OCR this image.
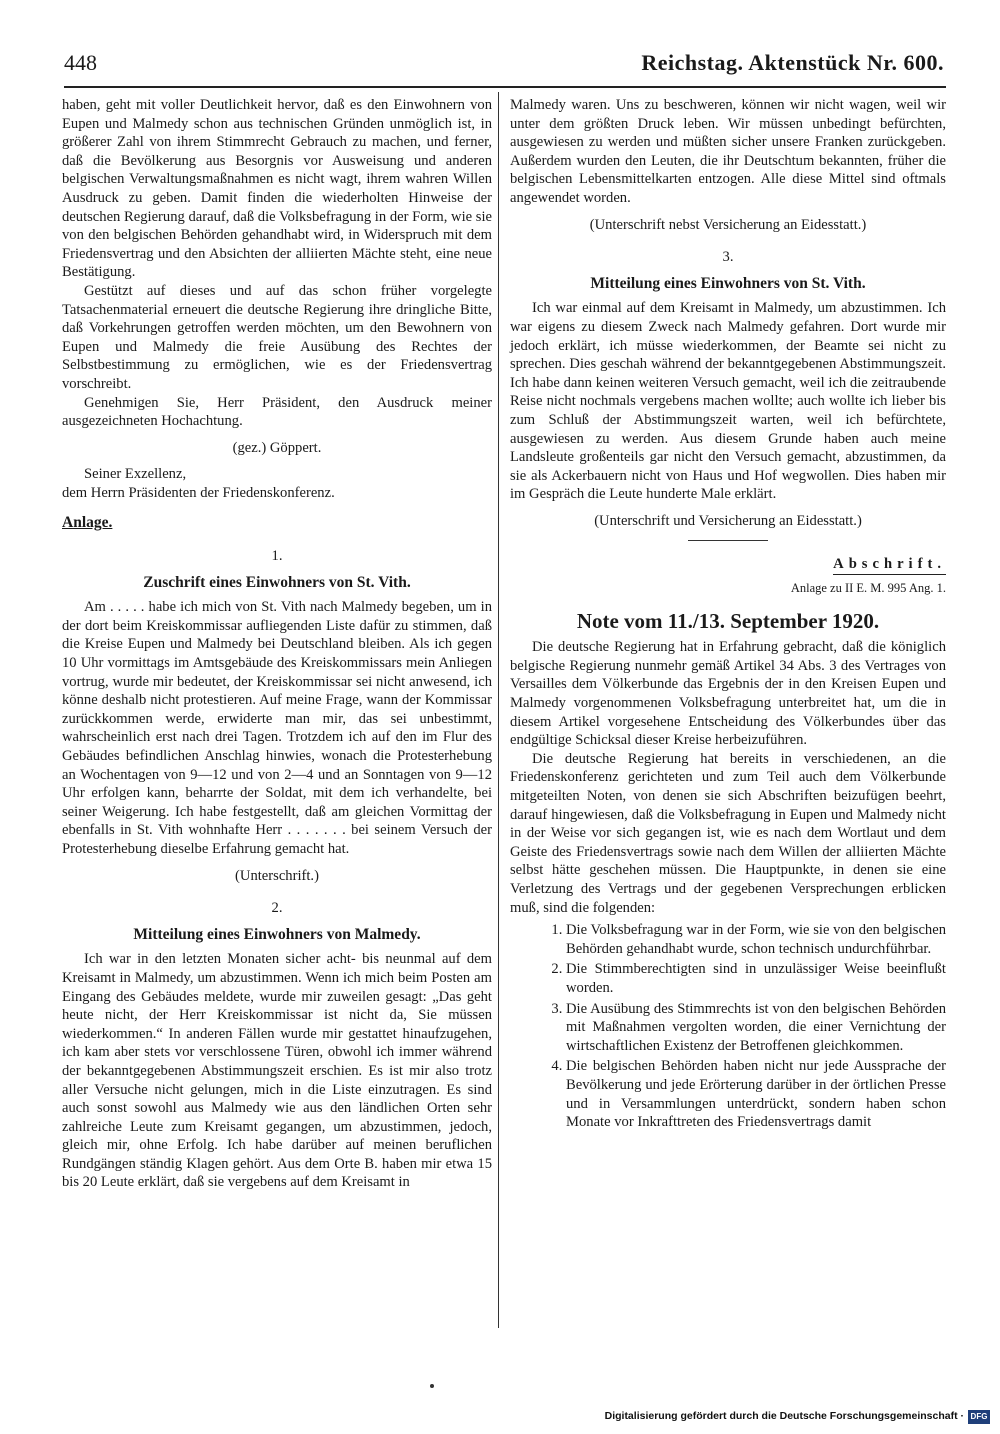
448	Reichstag. Aktenstück Nr. 600.

haben, geht mit voller Deutlichkeit hervor, daß es den Einwohnern von Eupen und Malmedy schon aus technischen Gründen unmöglich ist, in größerer Zahl von ihrem Stimmrecht Gebrauch zu machen, und ferner, daß die Bevölkerung aus Besorgnis vor Ausweisung und anderen belgischen Verwaltungsmaßnahmen es nicht wagt, ihrem wahren Willen Ausdruck zu geben. Damit finden die wiederholten Hinweise der deutschen Regierung darauf, daß die Volksbefragung in der Form, wie sie von den belgischen Behörden gehandhabt wird, in Widerspruch mit dem Friedensvertrag und den Absichten der alliierten Mächte steht, eine neue Bestätigung.

Gestützt auf dieses und auf das schon früher vorgelegte Tatsachenmaterial erneuert die deutsche Regierung ihre dringliche Bitte, daß Vorkehrungen getroffen werden möchten, um den Bewohnern von Eupen und Malmedy die freie Ausübung des Rechtes der Selbstbestimmung zu ermöglichen, wie es der Friedensvertrag vorschreibt.

Genehmigen Sie, Herr Präsident, den Ausdruck meiner ausgezeichneten Hochachtung.

(gez.) Göppert.

Seiner Exzellenz,

dem Herrn Präsidenten der Friedenskonferenz.

Anlage.

1.

Zuschrift eines Einwohners von St. Vith.

Am . . . . . habe ich mich von St. Vith nach Malmedy begeben, um in der dort beim Kreiskommissar aufliegenden Liste dafür zu stimmen, daß die Kreise Eupen und Malmedy bei Deutschland bleiben. Als ich gegen 10 Uhr vormittags im Amtsgebäude des Kreiskommissars mein Anliegen vortrug, wurde mir bedeutet, der Kreiskommissar sei nicht anwesend, ich könne deshalb nicht protestieren. Auf meine Frage, wann der Kommissar zurückkommen werde, erwiderte man mir, das sei unbestimmt, wahrscheinlich erst nach drei Tagen. Trotzdem ich auf den im Flur des Gebäudes befindlichen Anschlag hinwies, wonach die Protesterhebung an Wochentagen von 9—12 und von 2—4 und an Sonntagen von 9—12 Uhr erfolgen kann, beharrte der Soldat, mit dem ich verhandelte, bei seiner Weigerung. Ich habe festgestellt, daß am gleichen Vormittag der ebenfalls in St. Vith wohnhafte Herr . . . . . . . bei seinem Versuch der Protesterhebung dieselbe Erfahrung gemacht hat.

(Unterschrift.)

2.

Mitteilung eines Einwohners von Malmedy.

Ich war in den letzten Monaten sicher acht- bis neunmal auf dem Kreisamt in Malmedy, um abzustimmen. Wenn ich mich beim Posten am Eingang des Gebäudes meldete, wurde mir zuweilen gesagt: „Das geht heute nicht, der Herr Kreiskommissar ist nicht da, Sie müssen wiederkommen.“ In anderen Fällen wurde mir gestattet hinaufzugehen, ich kam aber stets vor verschlossene Türen, obwohl ich immer während der bekanntgegebenen Abstimmungszeit erschien. Es ist mir also trotz aller Versuche nicht gelungen, mich in die Liste einzutragen. Es sind auch sonst sowohl aus Malmedy wie aus den ländlichen Orten sehr zahlreiche Leute zum Kreisamt gegangen, um abzustimmen, jedoch, gleich mir, ohne Erfolg. Ich habe darüber auf meinen beruflichen Rundgängen ständig Klagen gehört. Aus dem Orte B. haben mir etwa 15 bis 20 Leute erklärt, daß sie vergebens auf dem Kreisamt in

Malmedy waren. Uns zu beschweren, können wir nicht wagen, weil wir unter dem größten Druck leben. Wir müssen unbedingt befürchten, ausgewiesen zu werden und müßten sicher unsere Franken zurückgeben. Außerdem wurden den Leuten, die ihr Deutschtum bekannten, früher die belgischen Lebensmittelkarten entzogen. Alle diese Mittel sind oftmals angewendet worden.

(Unterschrift nebst Versicherung an Eidesstatt.)

3.

Mitteilung eines Einwohners von St. Vith.

Ich war einmal auf dem Kreisamt in Malmedy, um abzustimmen. Ich war eigens zu diesem Zweck nach Malmedy gefahren. Dort wurde mir jedoch erklärt, ich müsse wiederkommen, der Beamte sei nicht zu sprechen. Dies geschah während der bekanntgegebenen Abstimmungszeit. Ich habe dann keinen weiteren Versuch gemacht, weil ich die zeitraubende Reise nicht nochmals vergebens machen wollte; auch wollte ich lieber bis zum Schluß der Abstimmungszeit warten, weil ich befürchtete, ausgewiesen zu werden. Aus diesem Grunde haben auch meine Landsleute großenteils gar nicht den Versuch gemacht, abzustimmen, da sie als Ackerbauern nicht von Haus und Hof wegwollen. Dies haben mir im Gespräch die Leute hunderte Male erklärt.

(Unterschrift und Versicherung an Eidesstatt.)

Abschrift.

Anlage zu II E. M. 995 Ang. 1.

Note vom 11./13. September 1920.

Die deutsche Regierung hat in Erfahrung gebracht, daß die königlich belgische Regierung nunmehr gemäß Artikel 34 Abs. 3 des Vertrages von Versailles dem Völkerbunde das Ergebnis der in den Kreisen Eupen und Malmedy vorgenommenen Volksbefragung unterbreitet hat, um die in diesem Artikel vorgesehene Entscheidung des Völkerbundes über das endgültige Schicksal dieser Kreise herbeizuführen.

Die deutsche Regierung hat bereits in verschiedenen, an die Friedenskonferenz gerichteten und zum Teil auch dem Völkerbunde mitgeteilten Noten, von denen sie sich Abschriften beizufügen beehrt, darauf hingewiesen, daß die Volksbefragung in Eupen und Malmedy nicht in der Weise vor sich gegangen ist, wie es nach dem Wortlaut und dem Geiste des Friedensvertrags sowie nach dem Willen der alliierten Mächte selbst hätte geschehen müssen. Die Hauptpunkte, in denen sie eine Verletzung des Vertrags und der gegebenen Versprechungen erblicken muß, sind die folgenden:

1. Die Volksbefragung war in der Form, wie sie von den belgischen Behörden gehandhabt wurde, schon technisch undurchführbar.
2. Die Stimmberechtigten sind in unzulässiger Weise beeinflußt worden.
3. Die Ausübung des Stimmrechts ist von den belgischen Behörden mit Maßnahmen vergolten worden, die einer Vernichtung der wirtschaftlichen Existenz der Betroffenen gleichkommen.
4. Die belgischen Behörden haben nicht nur jede Aussprache der Bevölkerung und jede Erörterung darüber in der örtlichen Presse und in Versammlungen unterdrückt, sondern haben schon Monate vor Inkrafttreten des Friedensvertrags damit
Digitalisierung gefördert durch die Deutsche Forschungsgemeinschaft · DFG
